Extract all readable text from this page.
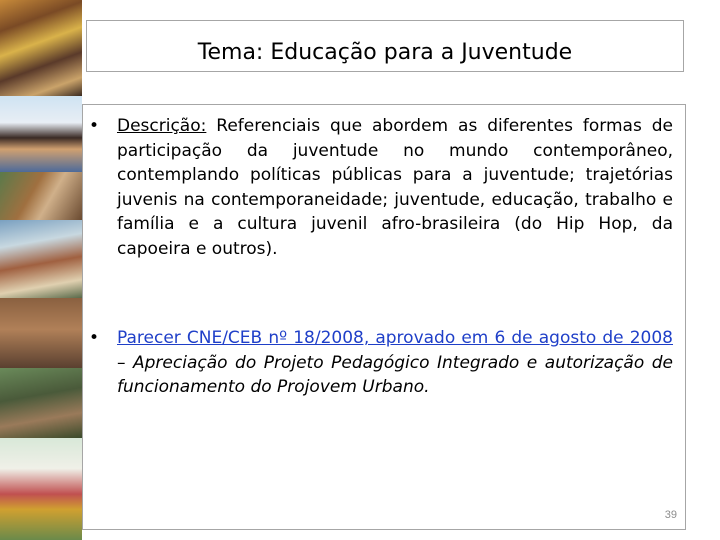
Tema: Educação para a Juventude
• Descrição: Referenciais que abordem as diferentes formas de participação da juventude no mundo contemporâneo, contemplando políticas públicas para a juventude; trajetórias juvenis na contemporaneidade; juventude, educação, trabalho e família e a cultura juvenil afro-brasileira (do Hip Hop, da capoeira e outros).
• Parecer CNE/CEB nº 18/2008, aprovado em 6 de agosto de 2008 – Apreciação do Projeto Pedagógico Integrado e autorização de funcionamento do Projovem Urbano.
39
